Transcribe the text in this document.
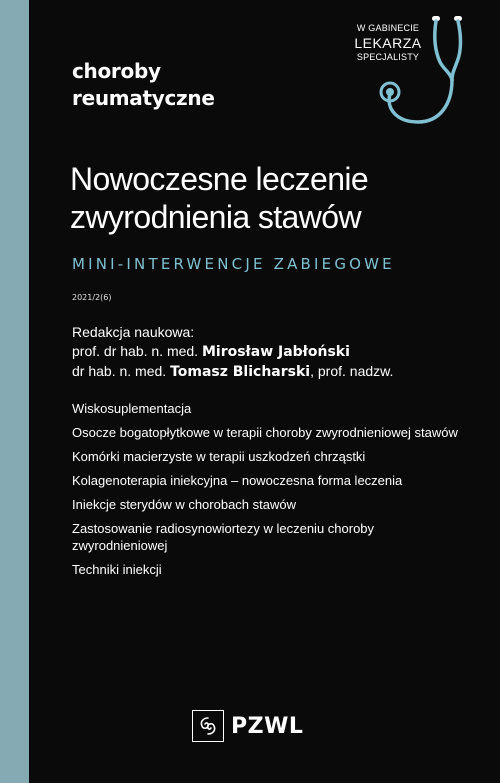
choroby
reumatyczne
W GABINECIE
LEKARZA
SPECJALISTY
Nowoczesne leczenie
zwyrodnienia stawów
MINI-INTERWENCJE ZABIEGOWE
2021/2(6)
Redakcja naukowa:
prof. dr hab. n. med. Mirosław Jabłoński
dr hab. n. med. Tomasz Blicharski, prof. nadzw.
Wiskosuplementacja
Osocze bogatopłytkowe w terapii choroby zwyrodnieniowej stawów
Komórki macierzyste w terapii uszkodzeń chrząstki
Kolagenoterapia iniekcyjna – nowoczesna forma leczenia
Iniekcje sterydów w chorobach stawów
Zastosowanie radiosynowiortezy w leczeniu choroby zwyrodnieniowej
Techniki iniekcji
PZWL
